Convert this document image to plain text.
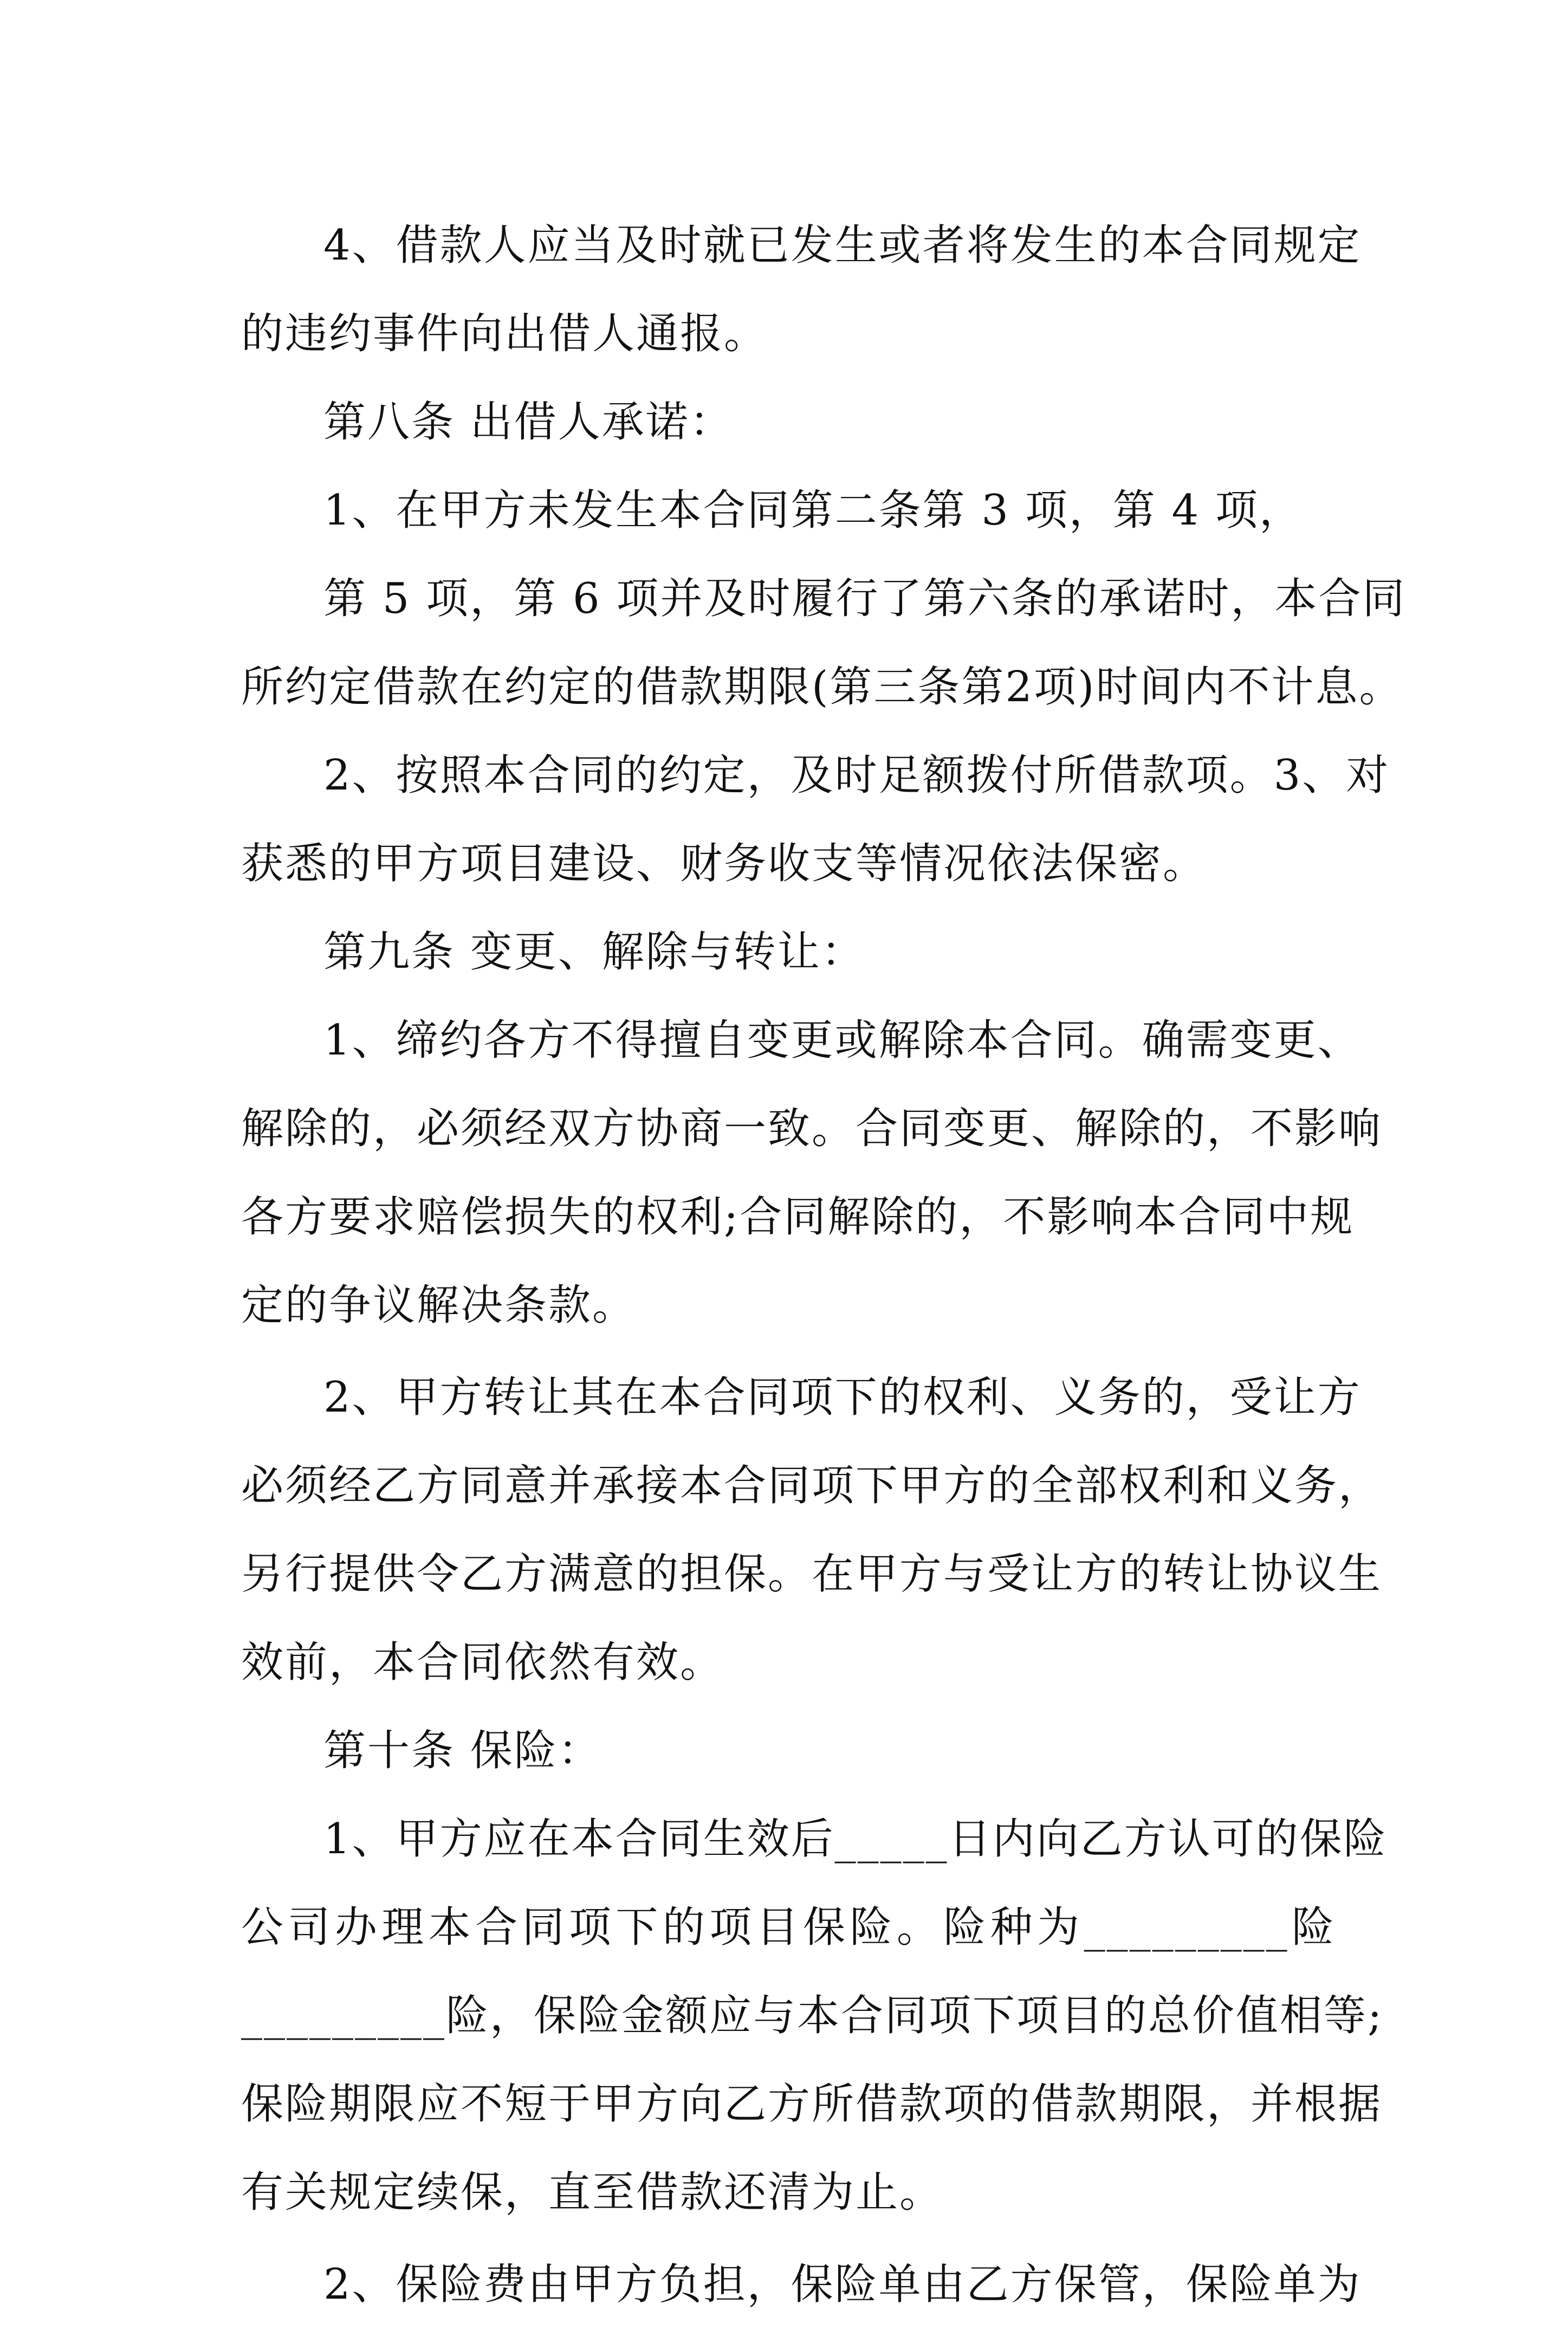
4、借款人应当及时就已发生或者将发生的本合同规定
的违约事件向出借人通报。
第八条 出借人承诺：
1、在甲方未发生本合同第二条第 3 项，第 4 项，
第 5 项，第 6 项并及时履行了第六条的承诺时，本合同
所约定借款在约定的借款期限(第三条第2项)时间内不计息。
2、按照本合同的约定，及时足额拨付所借款项。3、对
获悉的甲方项目建设、财务收支等情况依法保密。
第九条 变更、解除与转让：
1、缔约各方不得擅自变更或解除本合同。确需变更、
解除的，必须经双方协商一致。合同变更、解除的，不影响
各方要求赔偿损失的权利;合同解除的，不影响本合同中规
定的争议解决条款。
2、甲方转让其在本合同项下的权利、义务的，受让方
必须经乙方同意并承接本合同项下甲方的全部权利和义务，
另行提供令乙方满意的担保。在甲方与受让方的转让协议生
效前，本合同依然有效。
第十条 保险：
1、甲方应在本合同生效后_____日内向乙方认可的保险
公司办理本合同项下的项目保险。险种为_________险
_________险，保险金额应与本合同项下项目的总价值相等;
保险期限应不短于甲方向乙方所借款项的借款期限，并根据
有关规定续保，直至借款还清为止。
2、保险费由甲方负担，保险单由乙方保管，保险单为
